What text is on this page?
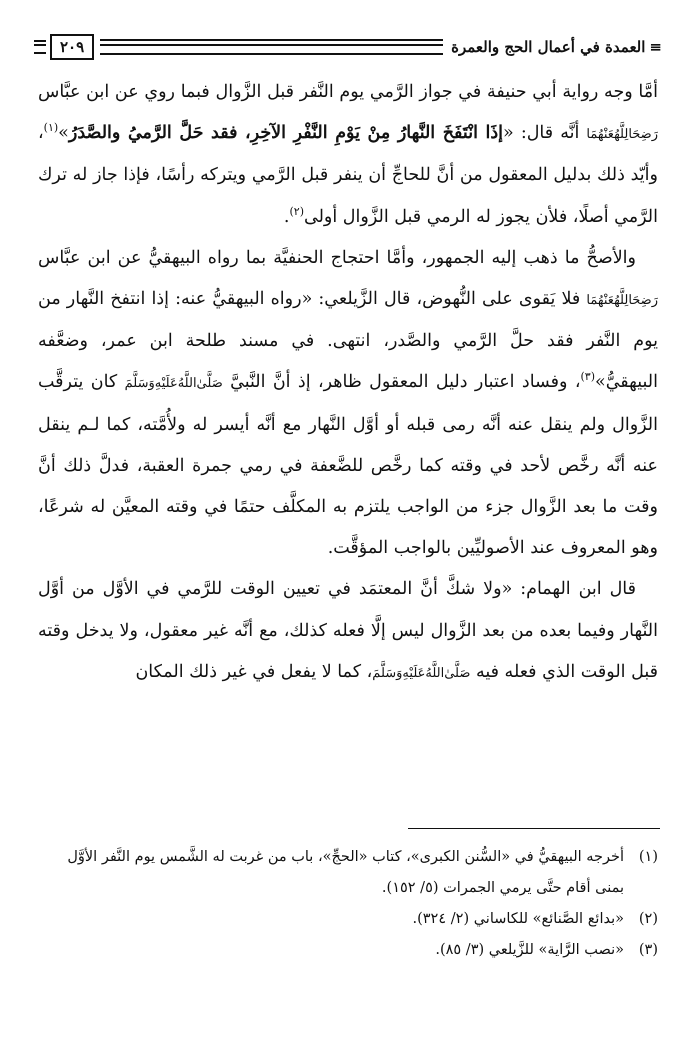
≡العمدة في أعمال الحج والعمرة
٢٠٩

أمَّا وجه رواية أبي حنيفة في جواز الرَّمي يوم النَّفر قبل الزَّوال فبما روي عن ابن عبَّاس رَضِحَالِلَّهُعَنْهُمَا أنَّه قال: «إذَا انْتَفَخَ النَّهارُ مِنْ يَوْمِ النَّفْرِ الآخِرِ، فقد حَلَّ الرَّميُ والصَّدَرُ»$^{(١)}$، وأيّد ذلك بدليل المعقول من أنَّ للحاجِّ أن ينفر قبل الرَّمي ويتركه رأسًا، فإذا جاز له ترك الرَّمي أصلًا، فلأن يجوز له الرمي قبل الزَّوال أولى$^{(٢)}$.

والأصحُّ ما ذهب إليه الجمهور، وأمَّا احتجاج الحنفيَّة بما رواه البيهقيُّ عن ابن عبَّاس رَضِحَالِلَّهُعَنْهُمَا فلا يَقوى على النُّهوض، قال الزَّيلعي: «رواه البيهقيُّ عنه: إذا انتفخ النَّهار من يوم النَّفر فقد حلَّ الرَّمي والصَّدر، انتهى. في مسند طلحة ابن عمر، وضعَّفه البيهقيُّ»$^{(٣)}$، وفساد اعتبار دليل المعقول ظاهر، إذ أنَّ النَّبيَّ صَلَّىٰ‌اللَّهُ‌عَلَيْهِ‌وَسَلَّمَ كان يترقَّب الزَّوال ولم ينقل عنه أنَّه رمى قبله أو أوَّل النَّهار مع أنَّه أيسر له ولأُمَّته، كما لـم ينقل عنه أنَّه رخَّص لأحد في وقته كما رخَّص للضَّعفة في رمي جمرة العقبة، فدلَّ ذلك أنَّ وقت ما بعد الزَّوال جزء من الواجب يلتزم به المكلَّف حتمًا في وقته المعيَّن له شرعًا، وهو المعروف عند الأصوليِّين بالواجب المؤقَّت.

قال ابن الهمام: «ولا شكَّ أنَّ المعتمَد في تعيين الوقت للرَّمي في الأوَّل من أوَّل النَّهار وفيما بعده من بعد الزَّوال ليس إلَّا فعله كذلك، مع أنَّه غير معقول، ولا يدخل وقته قبل الوقت الذي فعله فيه صَلَّىٰ‌اللَّهُ‌عَلَيْهِ‌وَسَلَّمَ، كما لا يفعل في غير ذلك المكان

(١)
أخرجه البيهقيُّ في «السُّنن الكبرى»، كتاب «الحجِّ»، باب من غربت له الشَّمس يوم النَّفر الأوَّل بمنى أقام حتَّى يرمي الجمرات (٥/ ١٥٢).
(٢)
«بدائع الصَّنائع» للكاساني (٢/ ٣٢٤).
(٣)
«نصب الرَّاية» للزَّيلعي (٣/ ٨٥).
